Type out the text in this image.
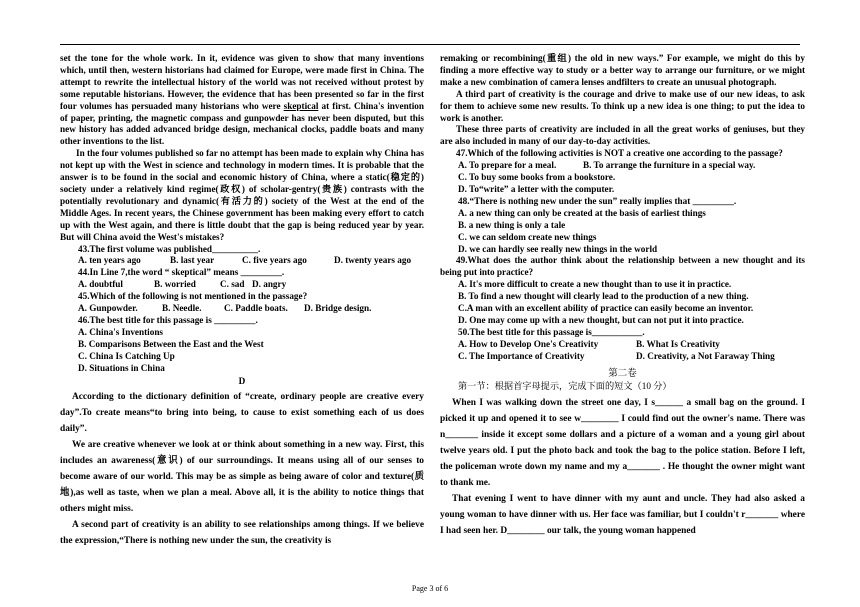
set the tone for the whole work. In it, evidence was given to show that many inventions which, until then, western historians had claimed for Europe, were made first in China. The attempt to rewrite the intellectual history of the world was not received without protest by some reputable historians. However, the evidence that has been presented so far in the first four volumes has persuaded many historians who were skeptical at first. China's invention of paper, printing, the magnetic compass and gunpowder has never been disputed, but this new history has added advanced bridge design, mechanical clocks, paddle boats and many other inventions to the list.

In the four volumes published so far no attempt has been made to explain why China has not kept up with the West in science and technology in modern times. It is probable that the answer is to be found in the social and economic history of China, where a static(稳定的) society under a relatively kind regime(政权) of scholar-gentry(贵族) contrasts with the potentially revolutionary and dynamic(有活力的) society of the West at the end of the Middle Ages. In recent years, the Chinese government has been making every effort to catch up with the West again, and there is little doubt that the gap is being reduced year by year. But will China avoid the West's mistakes?

43.The first volume was published__________.

A. ten years ago	B. last year	C. five years ago	D. twenty years ago

44.In Line 7,the word “ skeptical” means _________.

A. doubtful	B. worried	C. sad D. angry

45.Which of the following is not mentioned in the passage?

A. Gunpowder.	B. Needle.	C. Paddle boats.	D. Bridge design.

46.The best title for this passage is _________.

A. China's Inventions

B. Comparisons Between the East and the West

C. China Is Catching Up

D. Situations in China

D

According to the dictionary definition of “create, ordinary people are creative every day”.To create means“to bring into being, to cause to exist something each of us does daily”.

We are creative whenever we look at or think about something in a new way. First, this includes an awareness(意识) of our surroundings. It means using all of our senses to become aware of our world. This may be as simple as being aware of color and texture(质地),as well as taste, when we plan a meal. Above all, it is the ability to notice things that others might miss.

A second part of creativity is an ability to see relationships among things. If we believe the expression,“There is nothing new under the sun, the creativity is

remaking or recombining(重组) the old in new ways.” For example, we might do this by finding a more effective way to study or a better way to arrange our furniture, or we might make a new combination of camera lenses andfilters to create an unusual photograph.

A third part of creativity is the courage and drive to make use of our new ideas, to ask for them to achieve some new results. To think up a new idea is one thing; to put the idea to work is another.

These three parts of creativity are included in all the great works of geniuses, but they are also included in many of our day-to-day activities.

47.Which of the following activities is NOT a creative one according to the passage?

A. To prepare for a meal.	B. To arrange the furniture in a special way.

C. To buy some books from a bookstore.

D. To“write” a letter with the computer.

48.“There is nothing new under the sun” really implies that _________.

A. a new thing can only be created at the basis of earliest things

B. a new thing is only a tale

C. we can seldom create new things

D. we can hardly see really new things in the world

49.What does the author think about the relationship between a new thought and its being put into practice?

A. It's more difficult to create a new thought than to use it in practice.

B. To find a new thought will clearly lead to the production of a new thing.

C.A man with an excellent ability of practice can easily become an inventor.

D. One may come up with a new thought, but can not put it into practice.

50.The best title for this passage is___________.

A. How to Develop One's Creativity	B. What Is Creativity
C. The Importance of Creativity	D. Creativity, a Not Faraway Thing

第二卷

第一节：根据首字母提示，完成下面的短文（10 分）

When I was walking down the street one day, I s______ a small bag on the ground. I picked it up and opened it to see w________ I could find out the owner's name. There was n_______ inside it except some dollars and a picture of a woman and a young girl about twelve years old. I put the photo back and took the bag to the police station. Before I left, the policeman wrote down my name and my a_______ . He thought the owner might want to thank me.

That evening I went to have dinner with my aunt and uncle. They had also asked a young woman to have dinner with us. Her face was familiar, but I couldn't r_______ where I had seen her. D________ our talk, the young woman happened

Page 3 of 6
